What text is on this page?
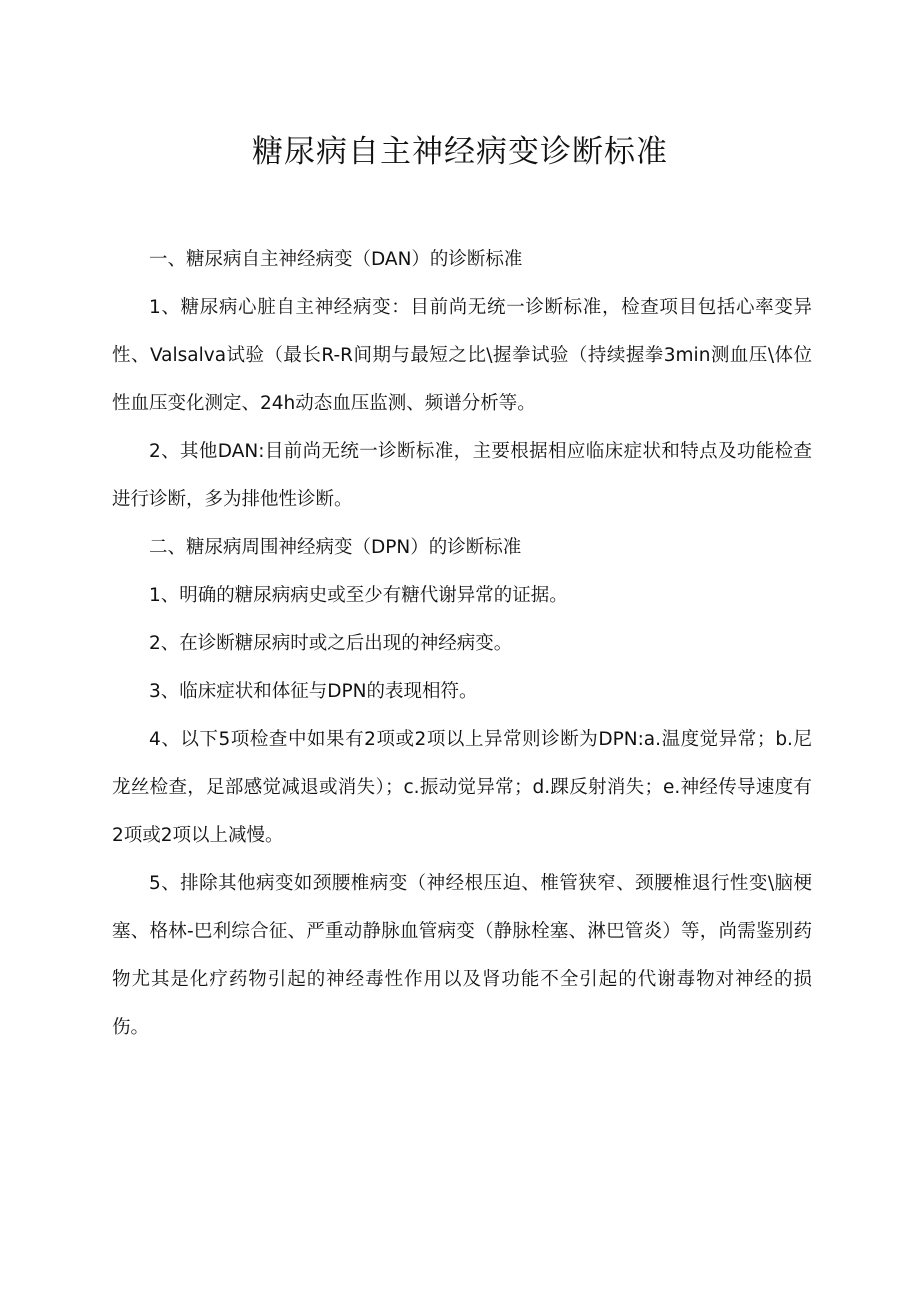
糖尿病自主神经病变诊断标准

一、糖尿病自主神经病变（DAN）的诊断标准

1、糖尿病心脏自主神经病变：目前尚无统一诊断标准，检查项目包括心率变异性、Valsalva试验（最长R-R间期与最短之比\握拳试验（持续握拳3min测血压\体位性血压变化测定、24h动态血压监测、频谱分析等。

2、其他DAN:目前尚无统一诊断标准，主要根据相应临床症状和特点及功能检查进行诊断，多为排他性诊断。

二、糖尿病周围神经病变（DPN）的诊断标准

1、明确的糖尿病病史或至少有糖代谢异常的证据。

2、在诊断糖尿病时或之后出现的神经病变。

3、临床症状和体征与DPN的表现相符。

4、以下5项检查中如果有2项或2项以上异常则诊断为DPN:a.温度觉异常；b.尼龙丝检查，足部感觉减退或消失）；c.振动觉异常；d.踝反射消失；e.神经传导速度有2项或2项以上减慢。

5、排除其他病变如颈腰椎病变（神经根压迫、椎管狭窄、颈腰椎退行性变\脑梗塞、格林-巴利综合征、严重动静脉血管病变（静脉栓塞、淋巴管炎）等，尚需鉴别药物尤其是化疗药物引起的神经毒性作用以及肾功能不全引起的代谢毒物对神经的损伤。
